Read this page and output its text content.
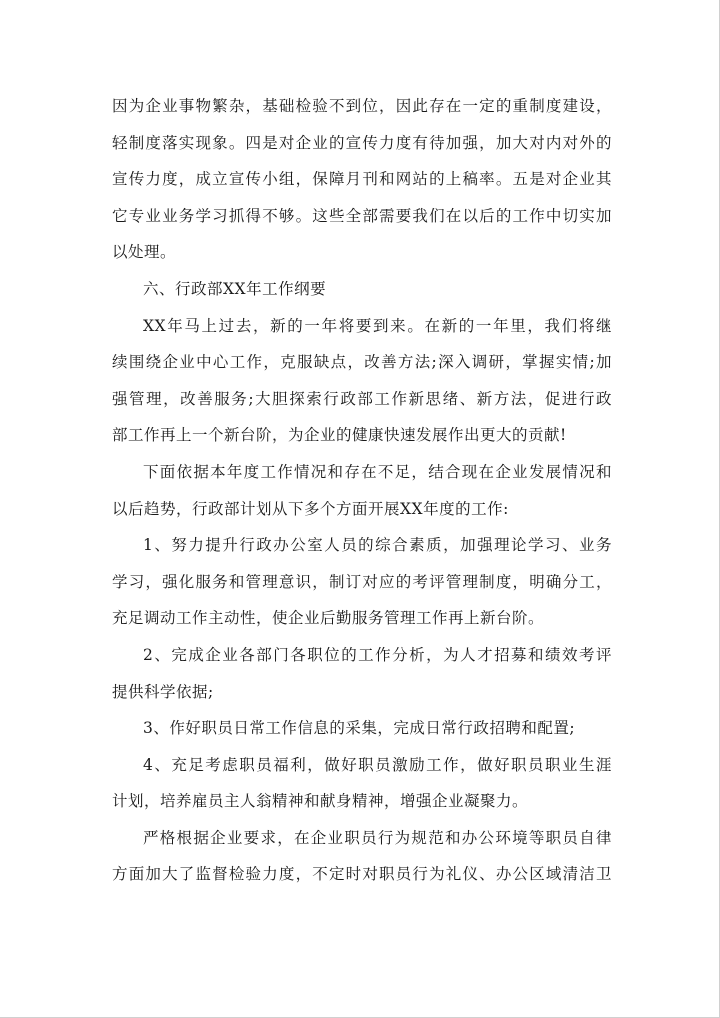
因为企业事物繁杂，基础检验不到位，因此存在一定的重制度建设，
轻制度落实现象。四是对企业的宣传力度有待加强，加大对内对外的
宣传力度，成立宣传小组，保障月刊和网站的上稿率。五是对企业其
它专业业务学习抓得不够。这些全部需要我们在以后的工作中切实加
以处理。

六、行政部XX年工作纲要

XX年马上过去，新的一年将要到来。在新的一年里，我们将继
续围绕企业中心工作，克服缺点，改善方法;深入调研，掌握实情;加
强管理，改善服务;大胆探索行政部工作新思绪、新方法，促进行政
部工作再上一个新台阶，为企业的健康快速发展作出更大的贡献!

下面依据本年度工作情况和存在不足，结合现在企业发展情况和
以后趋势，行政部计划从下多个方面开展XX年度的工作:

1、努力提升行政办公室人员的综合素质，加强理论学习、业务
学习，强化服务和管理意识，制订对应的考评管理制度，明确分工，
充足调动工作主动性，使企业后勤服务管理工作再上新台阶。

2、完成企业各部门各职位的工作分析，为人才招募和绩效考评
提供科学依据;

3、作好职员日常工作信息的采集，完成日常行政招聘和配置;

4、充足考虑职员福利，做好职员激励工作，做好职员职业生涯
计划，培养雇员主人翁精神和献身精神，增强企业凝聚力。

严格根据企业要求，在企业职员行为规范和办公环境等职员自律
方面加大了监督检验力度，不定时对职员行为礼仪、办公区域清洁卫
